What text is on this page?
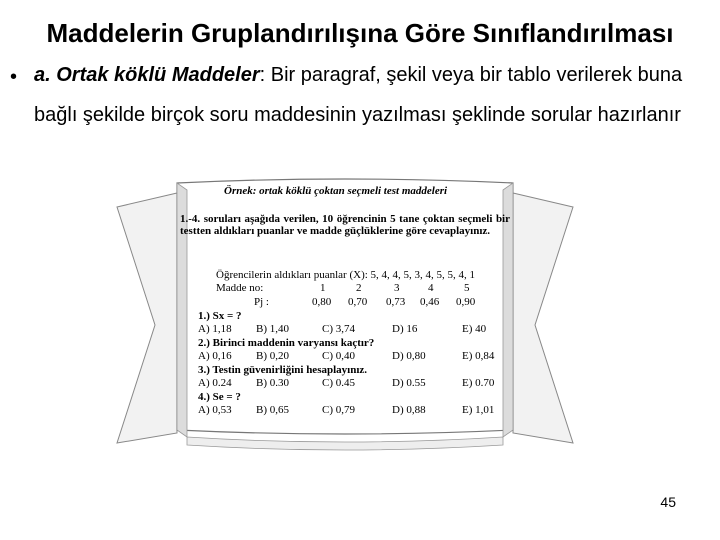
Maddelerin Gruplandırılışına Göre Sınıflandırılması
• a. Ortak köklü Maddeler: Bir paragraf, şekil veya bir tablo verilerek buna
bağlı şekilde birçok soru maddesinin yazılması şeklinde sorular hazırlanır
Örnek: ortak köklü çoktan seçmeli test maddeleri
1.-4. soruları aşağıda verilen, 10 öğrencinin 5 tane çoktan seçmeli bir testten aldıkları puanlar ve madde güçlüklerine göre cevaplayınız.
Öğrencilerin aldıkları puanlar (X): 5, 4, 4, 5, 3, 4, 5, 5, 4, 1
Madde no:	1	2	3	4	5
Pj :	0,80 0,70 0,73 0,46 0,90
1.) Sx = ?
A) 1,18 B) 1,40	C) 3,74	D) 16	E) 40
2.) Birinci maddenin varyansı kaçtır?
A) 0,16 B) 0,20	C) 0,40	D) 0,80	E) 0,84
3.) Testin güvenirliğini hesaplayınız.
A) 0.24 B) 0.30	C) 0.45	D) 0.55	E) 0.70
4.) Se = ?
A) 0,53 B) 0,65	C) 0,79	D) 0,88	E) 1,01
45
